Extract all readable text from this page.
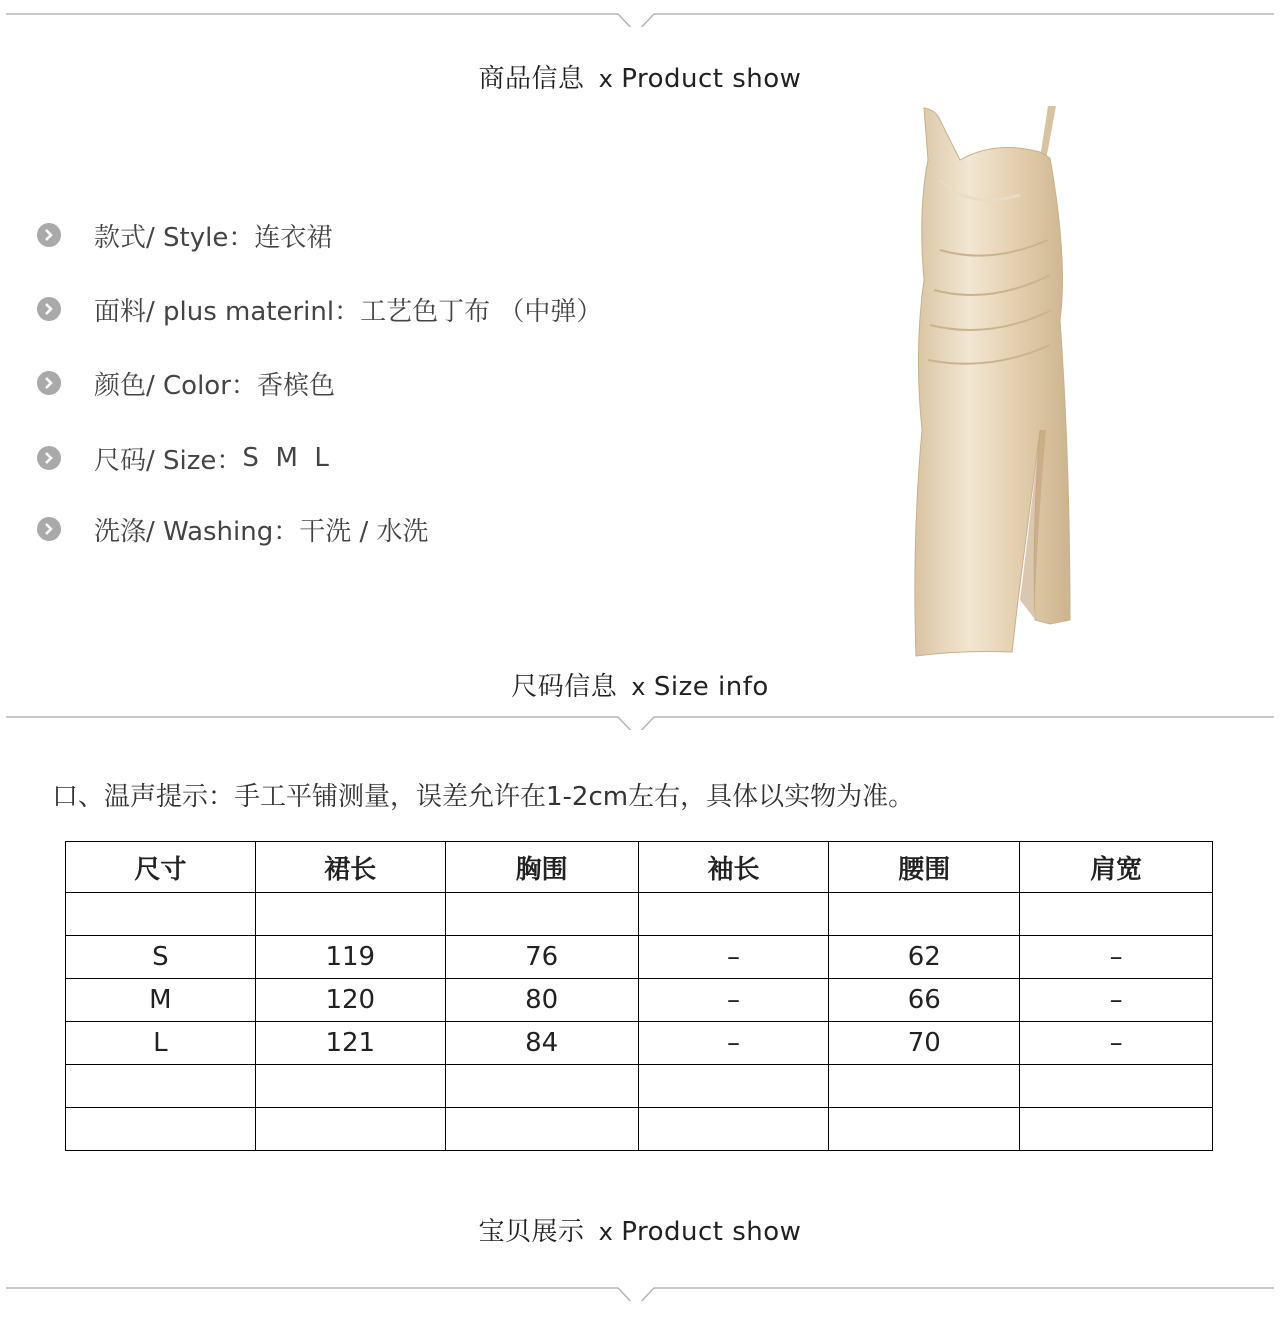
商品信息 x Product show
款式/ Style ： 连衣裙
面料/ plus materinl ： 工艺色丁布 （中弹）
颜色/ Color ： 香槟色
尺码/ Size ： S  M  L
洗涤/ Washing ： 干洗 / 水洗
尺码信息 x Size info
口、温声提示：手工平铺测量，误差允许在1-2cm左右，具体以实物为准。
尺寸	裙长	胸围	袖长	腰围	肩宽

S	119	76	–	62	–
M	120	80	–	66	–
L	121	84	–	70	–

宝贝展示 x Product show
